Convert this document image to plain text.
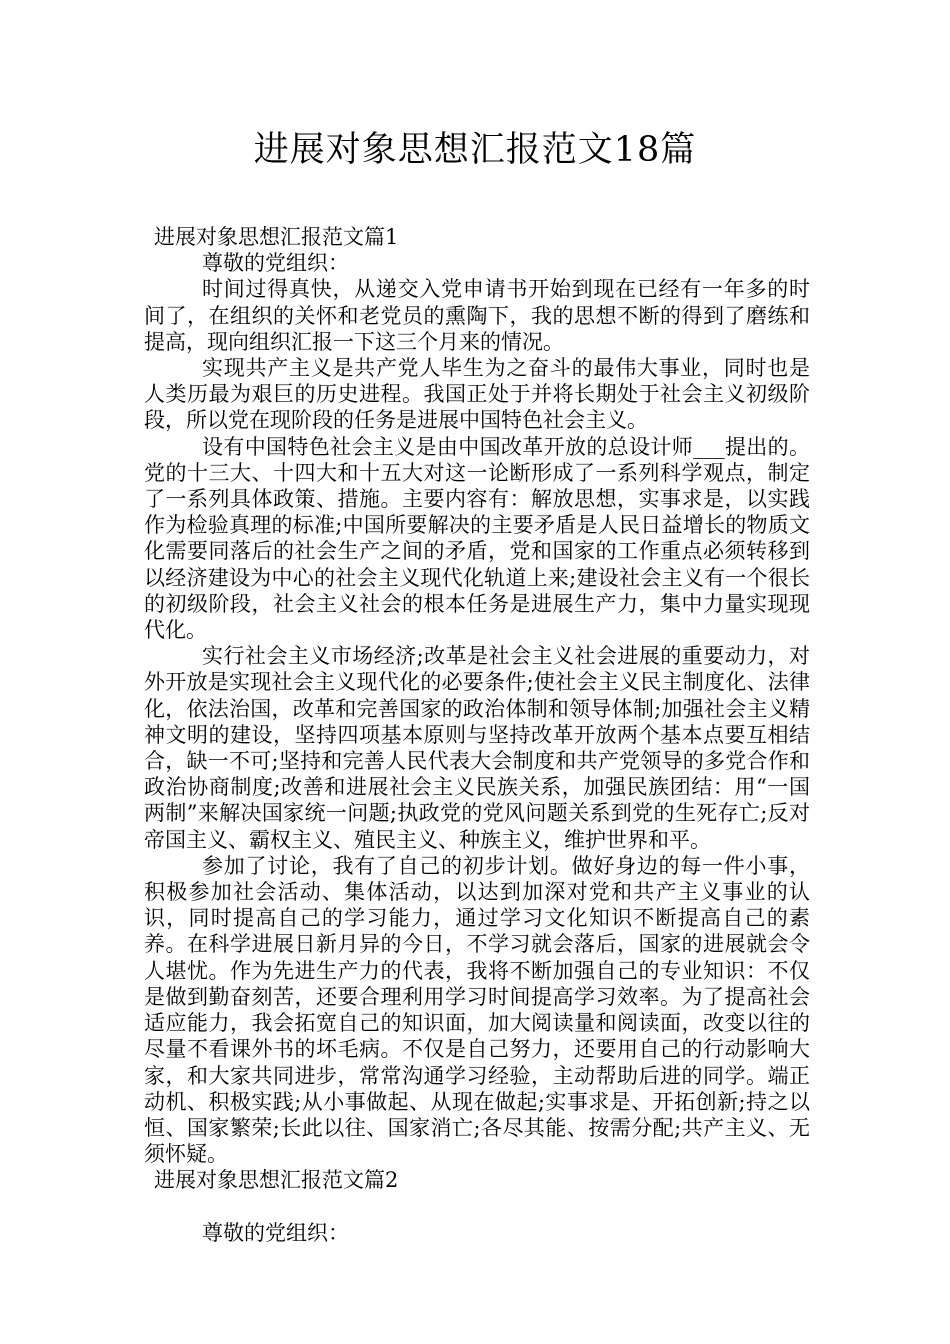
进展对象思想汇报范文18篇

进展对象思想汇报范文篇1

尊敬的党组织：

时间过得真快，从递交入党申请书开始到现在已经有一年多的时间了，在组织的关怀和老党员的熏陶下，我的思想不断的得到了磨练和提高，现向组织汇报一下这三个月来的情况。

实现共产主义是共产党人毕生为之奋斗的最伟大事业，同时也是人类历最为艰巨的历史进程。我国正处于并将长期处于社会主义初级阶段，所以党在现阶段的任务是进展中国特色社会主义。

设有中国特色社会主义是由中国改革开放的总设计师___提出的。党的十三大、十四大和十五大对这一论断形成了一系列科学观点，制定了一系列具体政策、措施。主要内容有：解放思想，实事求是，以实践作为检验真理的标准;中国所要解决的主要矛盾是人民日益增长的物质文化需要同落后的社会生产之间的矛盾，党和国家的工作重点必须转移到以经济建设为中心的社会主义现代化轨道上来;建设社会主义有一个很长的初级阶段，社会主义社会的根本任务是进展生产力，集中力量实现现代化。

实行社会主义市场经济;改革是社会主义社会进展的重要动力，对外开放是实现社会主义现代化的必要条件;使社会主义民主制度化、法律化，依法治国，改革和完善国家的政治体制和领导体制;加强社会主义精神文明的建设，坚持四项基本原则与坚持改革开放两个基本点要互相结合，缺一不可;坚持和完善人民代表大会制度和共产党领导的多党合作和政治协商制度;改善和进展社会主义民族关系，加强民族团结：用“一国两制”来解决国家统一问题;执政党的党风问题关系到党的生死存亡;反对帝国主义、霸权主义、殖民主义、种族主义，维护世界和平。

参加了讨论，我有了自己的初步计划。做好身边的每一件小事，积极参加社会活动、集体活动，以达到加深对党和共产主义事业的认识，同时提高自己的学习能力，通过学习文化知识不断提高自己的素养。在科学进展日新月异的今日，不学习就会落后，国家的进展就会令人堪忧。作为先进生产力的代表，我将不断加强自己的专业知识：不仅是做到勤奋刻苦，还要合理利用学习时间提高学习效率。为了提高社会适应能力，我会拓宽自己的知识面，加大阅读量和阅读面，改变以往的尽量不看课外书的坏毛病。不仅是自己努力，还要用自己的行动影响大家，和大家共同进步，常常沟通学习经验，主动帮助后进的同学。端正动机、积极实践;从小事做起、从现在做起;实事求是、开拓创新;持之以恒、国家繁荣;长此以往、国家消亡;各尽其能、按需分配;共产主义、无须怀疑。

进展对象思想汇报范文篇2

尊敬的党组织：
